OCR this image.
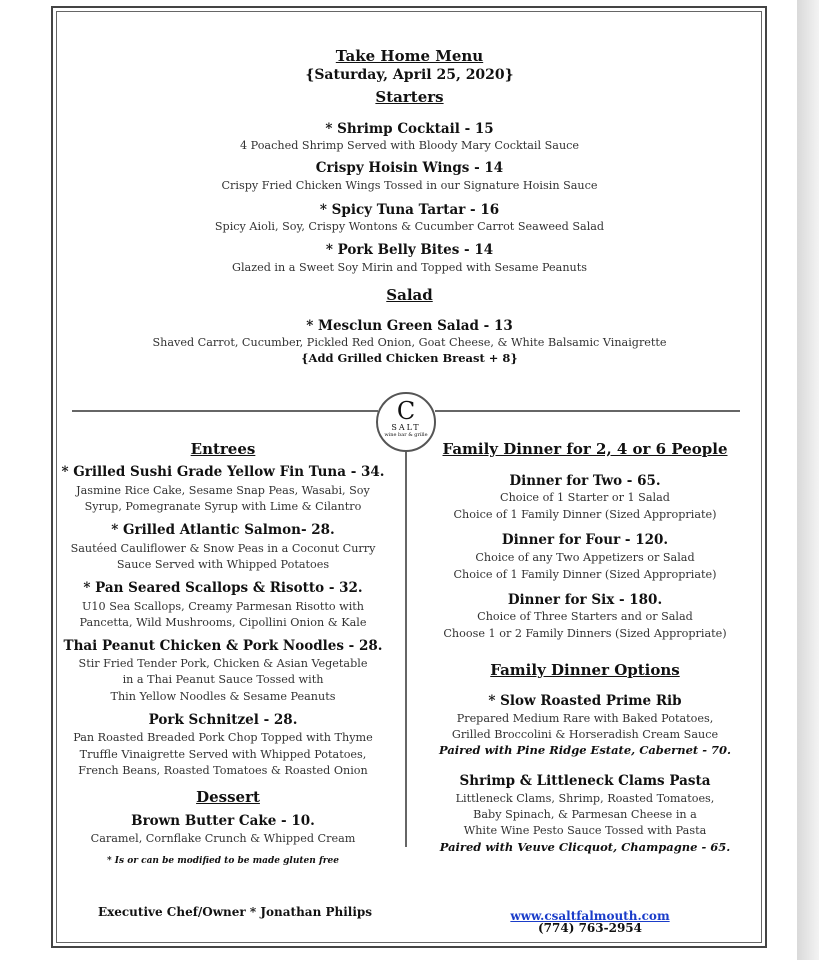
Take Home Menu
{Saturday, April 25, 2020}
Starters
* Shrimp Cocktail - 15
4 Poached Shrimp Served with Bloody Mary Cocktail Sauce
Crispy Hoisin Wings - 14
Crispy Fried Chicken Wings Tossed in our Signature Hoisin Sauce
* Spicy Tuna Tartar - 16
Spicy Aioli, Soy, Crispy Wontons & Cucumber Carrot Seaweed Salad
* Pork Belly Bites - 14
Glazed in a Sweet Soy Mirin and Topped with Sesame Peanuts
Salad
* Mesclun Green Salad - 13
Shaved Carrot, Cucumber, Pickled Red Onion, Goat Cheese, & White Balsamic Vinaigrette
{Add Grilled Chicken Breast + 8}
C
SALT
wine bar & grille
Entrees
* Grilled Sushi Grade Yellow Fin Tuna - 34.
Jasmine Rice Cake, Sesame Snap Peas, Wasabi, Soy
Syrup, Pomegranate Syrup with Lime & Cilantro
* Grilled Atlantic Salmon- 28.
Sautéed Cauliflower & Snow Peas in a Coconut Curry
Sauce Served with Whipped Potatoes
* Pan Seared Scallops & Risotto - 32.
U10 Sea Scallops, Creamy Parmesan Risotto with
Pancetta, Wild Mushrooms, Cipollini Onion & Kale
Thai Peanut Chicken & Pork Noodles - 28.
Stir Fried Tender Pork, Chicken & Asian Vegetable
in a Thai Peanut Sauce Tossed with
Thin Yellow Noodles & Sesame Peanuts
Pork Schnitzel - 28.
Pan Roasted Breaded Pork Chop Topped with Thyme
Truffle Vinaigrette Served with Whipped Potatoes,
French Beans, Roasted Tomatoes & Roasted Onion
Dessert
Brown Butter Cake - 10.
Caramel, Cornflake Crunch & Whipped Cream
* Is or can be modified to be made gluten free
Family Dinner for 2, 4 or 6 People
Dinner for Two - 65.
Choice of 1 Starter or 1 Salad
Choice of 1 Family Dinner (Sized Appropriate)
Dinner for Four - 120.
Choice of any Two Appetizers or Salad
Choice of 1 Family Dinner (Sized Appropriate)
Dinner for Six - 180.
Choice of Three Starters and or Salad
Choose 1 or 2 Family Dinners (Sized Appropriate)
Family Dinner Options
* Slow Roasted Prime Rib
Prepared Medium Rare with Baked Potatoes,
Grilled Broccolini & Horseradish Cream Sauce
Paired with Pine Ridge Estate, Cabernet - 70.
Shrimp & Littleneck Clams Pasta
Littleneck Clams, Shrimp, Roasted Tomatoes,
Baby Spinach, & Parmesan Cheese in a
White Wine Pesto Sauce Tossed with Pasta
Paired with Veuve Clicquot, Champagne - 65.
Executive Chef/Owner * Jonathan Philips	www.csaltfalmouth.com
(774) 763-2954
